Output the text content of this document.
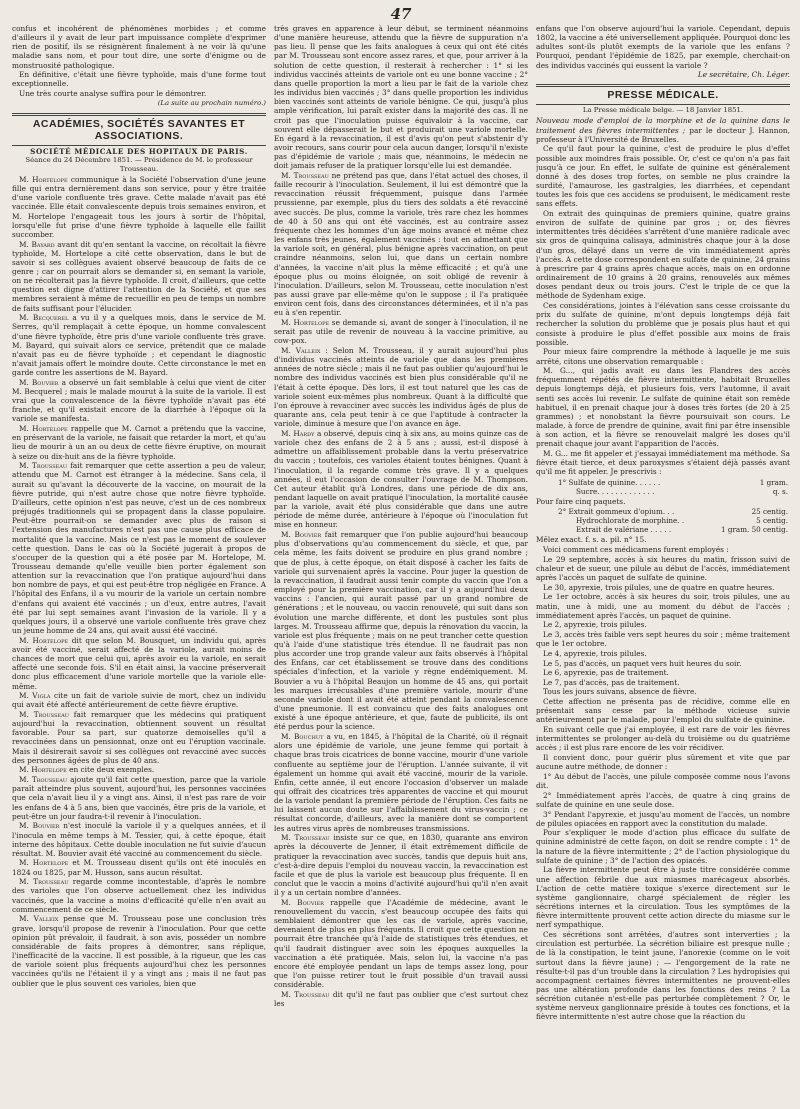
47

confus et incohérent de phénomènes morbides ; et comme d'ailleurs il y avait de leur part impuissance complète d'exprimer rien de positif, ils se résignèrent finalement à ne voir là qu'une maladie sans nom, et pour tout dire, une sorte d'énigme ou de monstruosité pathologique.

En définitive, c'était une fièvre typhoïde, mais d'une forme tout exceptionnelle.

Une très courte analyse suffira pour le démontrer.

(La suite au prochain numéro.)
ACADÉMIES, SOCIÉTÉS SAVANTES ET ASSOCIATIONS.
SOCIÉTÉ MÉDICALE DES HOPITAUX DE PARIS.
Séance du 24 Décembre 1851. — Présidence de M. le professeur Trousseau.

M. Hortelope communique à la Société l'observation d'une jeune fille qui entra dernièrement dans son service, pour y être traitée d'une variole confluente très grave. Cette malade n'avait pas été vaccinée. Elle était convalescente depuis trois semaines environ, et M. Hortelope l'engageait tous les jours à sortir de l'hôpital, lorsqu'elle fut prise d'une fièvre typhoïde à laquelle elle faillit succomber.

M. Bayard avant dit qu'en sentant la vaccine, on récoltait la fièvre typhoïde, M. Hortelope a cité cette observation, dans le but de savoir si ses collègues avaient observé beaucoup de faits de ce genre ; car on pourrait alors se demander si, en semant la variole, on ne récolterait pas la fièvre typhoïde. Il croit, d'ailleurs, que cette question est digne d'attirer l'attention de la Société, et que ses membres seraient à même de recueillir en peu de temps un nombre de faits suffisant pour l'élucider.

M. Becquerel a vu il y a quelques mois, dans le service de M. Serres, qu'il remplaçait à cette époque, un homme convalescent d'une fièvre typhoïde, être pris d'une variole confluente très grave. M. Bayard, qui suivait alors ce service, prétendit que ce malade n'avait pas eu de fièvre typhoïde ; et cependant le diagnostic n'avait jamais offert le moindre doute. Cette circonstance le met en garde contre les assertions de M. Bayard.

M. Bouvier a observé un fait semblable à celui que vient de citer M. Becquerel ; mais le malade mourut à la suite de la variole. Il est vrai que la convalescence de la fièvre typhoïde n'avait pas été franche, et qu'il existait encore de la diarrhée à l'époque où la variole se manifesta.

M. Hortelope rappelle que M. Carnot a prétendu que la vaccine, en préservant de la variole, ne faisait que retarder la mort, et qu'au lieu de mourir à un an ou deux de cette fièvre éruptive, on mourait à seize ou dix-huit ans de la fièvre typhoïde.

M. Trousseau fait remarquer que cette assertion a peu de valeur, attendu que M. Carnot est étranger à la médecine. Sans cela, il aurait su qu'avant la découverte de la vaccine, on mourait de la fièvre putride, qui n'est autre chose que notre fièvre typhoïde. D'ailleurs, cette opinion n'est pas neuve, c'est un de ces nombreux préjugés traditionnels qui se propagent dans la classe populaire. Peut-être pourrait-on se demander avec plus de raison si l'extension des manufactures n'est pas une cause plus efficace de mortalité que la vaccine. Mais ce n'est pas le moment de soulever cette question. Dans le cas où la Société jugerait à propos de s'occuper de la question qui a été posée par M. Hortelope, M. Trousseau demande qu'elle veuille bien porter également son attention sur la revaccination que l'on pratique aujourd'hui dans bon nombre de pays, et qui est peut-être trop négligée en France. A l'hôpital des Enfans, il a vu mourir de la variole un certain nombre d'enfans qui avaient été vaccinés ; un d'eux, entre autres, l'avait été par lui sept semaines avant l'invasion de la variole. Il y a quelques jours, il a observé une variole confluente très grave chez un jeune homme de 24 ans, qui avait aussi été vacciné.

M. Hortelope dit que selon M. Bousquet, un individu qui, après avoir été vacciné, serait affecté de la variole, aurait moins de chances de mort que celui qui, après avoir eu la variole, en serait affecté une seconde fois. S'il en était ainsi, la vaccine préserverait donc plus efficacement d'une variole mortelle que la variole elle-même.

M. Vigla cite un fait de variole suivie de mort, chez un individu qui avait été affecté antérieurement de cette fièvre éruptive.

M. Trousseau fait remarquer que les médecins qui pratiquent aujourd'hui la revaccination, obtiennent souvent un résultat favorable. Pour sa part, sur quatorze demoiselles qu'il a revaccinées dans un pensionnat, onze ont eu l'éruption vaccinale. Mais il désirerait savoir si ses collègues ont revacciné avec succès des personnes âgées de plus de 40 ans.

M. Hortelope en cite deux exemples.

M. Trousseau ajoute qu'il fait cette question, parce que la variole paraît atteindre plus souvent, aujourd'hui, les personnes vaccinées que cela n'avait lieu il y a vingt ans. Ainsi, il n'est pas rare de voir les enfans de 4 à 5 ans, bien que vaccinés, être pris de la variole, et peut-être un jour faudra-t-il revenir à l'inoculation.

M. Bouvier n'est inoculé la variole il y a quelques années, et il l'inocula en même temps à M. Tessier, qui, à cette époque, était interne des hôpitaux. Cette double inoculation ne fut suivie d'aucun résultat. M. Bouvier avait été vacciné au commencement du siècle.

M. Hortelope et M. Trousseau disent qu'ils ont été inoculés en 1824 ou 1825, par M. Husson, sans aucun résultat.

M. Trousseau regarde comme incontestable, d'après le nombre des varioles que l'on observe actuellement chez les individus vaccinés, que la vaccine a moins d'efficacité qu'elle n'en avait au commencement de ce siècle.

M. Valleix pense que M. Trousseau pose une conclusion très grave, lorsqu'il propose de revenir à l'inoculation. Pour que cette opinion pût prévaloir, il faudrait, à son avis, posséder un nombre considérable de faits propres à démontrer, sans réplique, l'inefficacité de la vaccine. Il est possible, à la rigueur, que les cas de variole soient plus fréquents aujourd'hui chez les personnes vaccinées qu'ils ne l'étaient il y a vingt ans ; mais il ne faut pas oublier que le plus souvent ces varioles, bien que

très graves en apparence à leur début, se terminent néanmoins d'une manière heureuse, attendu que la fièvre de suppuration n'a pas lieu. Il pense que les faits analogues à ceux qui ont été cités par M. Trousseau sont encore assez rares, et que, pour arriver à la solution de cette question, il resterait à rechercher : 1° si les individus vaccinés atteints de variole ont eu une bonne vaccine ; 2° dans quelle proportion la mort a lieu par le fait de la variole chez les individus bien vaccinés ; 3° dans quelle proportion les individus bien vaccinés sont atteints de variole bénigne. Ce qui, jusqu'à plus ample vérification, lui paraît exister dans la majorité des cas. Il ne croit pas que l'inoculation puisse équivaloir à la vaccine, car souvent elle dépasserait le but et produirait une variole mortelle. En égard à la revaccination, il est d'avis qu'on peut s'abstenir d'y avoir recours, sans courir pour cela aucun danger, lorsqu'il n'existe pas d'épidémie de variole ; mais que, néanmoins, le médecin ne doit jamais refuser de la pratiquer lorsqu'elle lui est demandée.

M. Trousseau ne prétend pas que, dans l'état actuel des choses, il faille recourir à l'inoculation. Seulement, il lui est démontré que la revaccination réussit fréquemment, puisque dans l'armée prussienne, par exemple, plus du tiers des soldats a été revacciné avec succès. De plus, comme la variole, très rare chez les hommes de 40 à 50 ans qui ont été vaccinés, est au contraire assez fréquente chez les hommes d'un âge moins avancé et même chez les enfans très jeunes, également vaccinés : tout en admettant que la variole soit, en général, plus bénigne après vaccination, on peut craindre néanmoins, selon lui, que dans un certain nombre d'années, la vaccine n'ait plus la même efficacité ; et qu'à une époque plus ou moins éloignée, on soit obligé de revenir à l'inoculation. D'ailleurs, selon M. Trousseau, cette inoculation n'est pas aussi grave par elle-même qu'on le suppose ; il l'a pratiquée environ cent fois, dans des circonstances déterminées, et il n'a pas eu à s'en repentir.

M. Hortelope se demande si, avant de songer à l'inoculation, il ne serait pas utile de revenir de nouveau à la vaccine primitive, au cow-pox.

M. Valleix : Selon M. Trousseau, il y aurait aujourd'hui plus d'individus vaccinés atteints de variole que dans les premières années de notre siècle ; mais il ne faut pas oublier qu'aujourd'hui le nombre des individus vaccinés est bien plus considérable qu'il ne l'était à cette époque. Dès lors, il est tout naturel que les cas de variole soient eux-mêmes plus nombreux. Quant à la difficulté que l'on éprouve à revacciner avec succès les individus âgés de plus de quarante ans, cela peut tenir à ce que l'aptitude à contracter la variole, diminue à mesure que l'on avance en âge.

M. Hardy a observé, depuis cinq à six ans, au moins quinze cas de variole chez des enfans de 2 à 5 ans ; aussi, est-il disposé à admettre un affaiblissement probable dans la vertu préservatrice du vaccin ; toutefois, ces varioles étaient toutes bénignes. Quant à l'inoculation, il la regarde comme très grave. Il y a quelques années, il eut l'occasion de consulter l'ouvrage de M. Thompson. Cet auteur établit qu'à Londres, dans une période de dix ans, pendant laquelle on avait pratiqué l'inoculation, la mortalité causée par la variole, avait été plus considérable que dans une autre période de même durée, antérieure à l'époque où l'inoculation fut mise en honneur.

M. Bouvier fait remarquer que l'on publie aujourd'hui beaucoup plus d'observations qu'au commencement du siècle, et que, par cela même, les faits doivent se produire en plus grand nombre ; que de plus, à cette époque, on était disposé à cacher les faits de variole qui survenaient après la vaccine. Pour juger la question de la revaccination, il faudrait aussi tenir compte du vaccin que l'on a employé pour la première vaccination, car il y a aujourd'hui deux vaccins : l'ancien, qui aurait passé par un grand nombre de générations ; et le nouveau, ou vaccin renouvelé, qui suit dans son évolution une marche différente, et dont les pustules sont plus larges. M. Trousseau affirme que, depuis la rénovation du vaccin, la variole est plus fréquente ; mais on ne peut trancher cette question qu'à l'aide d'une statistique très étendue. Il ne faudrait pas non plus accorder une trop grande valeur aux faits observés à l'hôpital des Enfans, car cet établissement se trouve dans des conditions spéciales d'infection, et la variole y règne endémiquement. M. Bouvier a vu à l'hôpital Beaujon un homme de 45 ans, qui portait les marques irrécusables d'une première variole, mourir d'une seconde variole dont il avait été atteint pendant la convalescence d'une pneumonie. Il est convaincu que des faits analogues ont existé à une époque antérieure, et que, faute de publicité, ils ont été perdus pour la science.

M. Bouchut a vu, en 1845, à l'hôpital de la Charité, où il régnait alors une épidémie de variole, une jeune femme qui portait à chaque bras trois cicatrices de bonne vaccine, mourir d'une variole confluente au septième jour de l'éruption. L'année suivante, il vit également un homme qui avait été vacciné, mourir de la variole. Enfin, cette année, il eut encore l'occasion d'observer un malade qui offrait des cicatrices très apparentes de vaccine et qui mourut de la variole pendant la première période de l'éruption. Ces faits ne lui laissent aucun doute sur l'affaiblissement du virus-vaccin ; ce résultat concorde, d'ailleurs, avec la manière dont se comportent les autres virus après de nombreuses transmissions.

M. Trousseau insiste sur ce que, en 1830, quarante ans environ après la découverte de Jenner, il était extrêmement difficile de pratiquer la revaccination avec succès, tandis que depuis huit ans, c'est-à-dire depuis l'emploi du nouveau vaccin, la revaccination est facile et que de plus la variole est beaucoup plus fréquente. Il en conclut que le vaccin a moins d'activité aujourd'hui qu'il n'en avait il y a un certain nombre d'années.

M. Bouvier rappelle que l'Académie de médecine, avant le renouvellement du vaccin, s'est beaucoup occupée des faits qui semblaient démontrer que les cas de variole, après vaccine, devenaient de plus en plus fréquents. Il croit que cette question ne pourrait être tranchée qu'à l'aide de statistiques très étendues, et qu'il faudrait distinguer avec soin les époques auxquelles la vaccination a été pratiquée. Mais, selon lui, la vaccine n'a pas encore été employée pendant un laps de temps assez long, pour que l'on puisse retirer tout le fruit possible d'un travail aussi considérable.

M. Trousseau dit qu'il ne faut pas oublier que c'est surtout chez les

enfans que l'on observe aujourd'hui la variole. Cependant, depuis 1802, la vaccine a été universellement appliquée. Pourquoi donc les adultes sont-ils plutôt exempts de la variole que les enfans ? Pourquoi, pendant l'épidémie de 1825, par exemple, cherchait-on des individus vaccinés qui eussent la variole ?

Le secrétaire, Ch. Léger.
PRESSE MÉDICALE.
La Presse médicale belge. — 18 Janvier 1851.

Nouveau mode d'emploi de la morphine et de la quinine dans le traitement des fièvres intermittentes ; par le docteur J. Hannon, professeur à l'Université de Bruxelles.

Ce qu'il faut pour la quinine, c'est de produire le plus d'effet possible aux moindres frais possible. Or, c'est ce qu'on n'a pas fait jusqu'à ce jour. En effet, le sulfate de quinine est généralement donné à des doses trop fortes, on semble ne plus craindre la surdité, l'amaurose, les gastralgies, les diarrhées, et cependant toutes les fois que ces accidens se produisent, le médicament reste sans effets.

On extrait des quinquinas de premiers quinine, quatre grains environ de sulfate de quinine par gros ; or, des fièvres intermittentes très décidées s'arrêtent d'une manière radicale avec six gros de quinquina calisaya, administrés chaque jour à la dose d'un gros, délayé dans un verre de vin immédiatement après l'accès. A cette dose correspondent en sulfate de quinine, 24 grains à prescrire par 4 grains après chaque accès, mais on en ordonne ordinairement de 10 grains à 20 grains, renouvelés aux mêmes doses pendant deux ou trois jours. C'est le triple de ce que la méthode de Sydenham exige.

Ces considérations, jointes à l'élévation sans cesse croissante du prix du sulfate de quinine, m'ont depuis longtemps déjà fait rechercher la solution du problème que je posais plus haut et qui consiste à produire le plus d'effet possible aux moins de frais possible.

Pour mieux faire comprendre la méthode à laquelle je me suis arrêté, citons une observation remarquable :

M. G..., qui jadis avait eu dans les Flandres des accès fréquemment répétés de fièvre intermittente, habitait Bruxelles depuis longtemps déjà, et plusieurs fois, vers l'automne, il avait senti ses accès lui revenir. Le sulfate de quinine était son remède habituel, il en prenait chaque jour à doses très fortes (de 20 à 25 grammes) ; et nonobstant la fièvre poursuivait son cours. Le malade, à force de prendre de quinine, avait fini par être insensible à son action, et la fièvre se renouvelait malgré les doses qu'il prenait chaque jour avant l'apparition de l'accès.

M. G... me fit appeler et j'essayai immédiatement ma méthode. Sa fièvre était tierce, et deux paroxysmes s'étaient déjà passés avant qu'il me fit appeler. Je prescrivis :

1° Sulfate de quinine. . . . . .	1 gram.
Sucre. . . . . . . . . . . . .	q. s.

Pour faire cinq paquets.

2° Extrait gommeux d'opium. . .	25 centig.
Hydrochlorate de morphine. .	5 centig.
Extrait de valériane . . . . .	1 gram. 50 centig.

Mêlez exact. f. s. a. pil. n° 15.

Voici comment ces médicamens furent employés :

Le 29 septembre, accès à six heures du matin, frisson suivi de chaleur et de sueur, une pilule au début de l'accès, immédiatement après l'accès un paquet de sulfate de quinine.

Le 30, apyrexie, trois pilules, une de quatre en quatre heures.

Le 1er octobre, accès à six heures du soir, trois pilules, une au matin, une à midi, une au moment du début de l'accès ; immédiatement après l'accès, un paquet de quinine.

Le 2, apyrexie, trois pilules.

Le 3, accès très faible vers sept heures du soir ; même traitement que le 1er octobre.

Le 4, apyrexie, trois pilules.

Le 5, pas d'accès, un paquet vers huit heures du soir.

Le 6, apyrexie, pas de traitement.

Le 7, pas d'accès, pas de traitement.

Tous les jours suivans, absence de fièvre.

Cette affection ne présenta pas de récidive, comme elle en présentait sans cesse par la méthode vicieuse suivie antérieurement par le malade, pour l'emploi du sulfate de quinine.

En suivant celle que j'ai employée, il est rare de voir les fièvres intermittentes se prolonger au-delà du troisième ou du quatrième accès ; il est plus rare encore de les voir récidiver.

Il convient donc, pour guérir plus sûrement et vite que par aucune autre méthode, de donner :

1° Au début de l'accès, une pilule composée comme nous l'avons dit.

2° Immédiatement après l'accès, de quatre à cinq grains de sulfate de quinine en une seule dose.

3° Pendant l'apyrexie, et jusqu'au moment de l'accès, un nombre de pilules opiacées en rapport avec la constitution du malade.

Pour s'expliquer le mode d'action plus efficace du sulfate de quinine administré de cette façon, on doit se rendre compte : 1° de la nature de la fièvre intermittente ; 2° de l'action physiologique du sulfate de quinine ; 3° de l'action des opiacés.

La fièvre intermittente peut être à juste titre considérée comme une affection fébrile due aux miasmes marécageux absorbés. L'action de cette matière toxique s'exerce directement sur le système ganglionnaire, chargé spécialement de régler les sécrétions internes et la circulation. Tous les symptômes de la fièvre intermittente prouvent cette action directe du miasme sur le nerf sympathique.

Ces sécrétions sont arrêtées, d'autres sont interverties ; la circulation est perturbée. La sécrétion biliaire est presque nulle ; de là la constipation, le teint jaune, l'anorexie (comme on le voit surtout dans la fièvre jaune) ; — l'engorgement de la rate ne résulte-t-il pas d'un trouble dans la circulation ? Les hydropisies qui accompagnent certaines fièvres intermittentes ne prouvent-elles pas une altération profonde dans les fonctions des reins ? La sécrétion cutanée n'est-elle pas perturbée complètement ? Or, le système nerveux ganglionnaire préside à toutes ces fonctions, et la fièvre intermittente n'est autre chose que la réaction du
